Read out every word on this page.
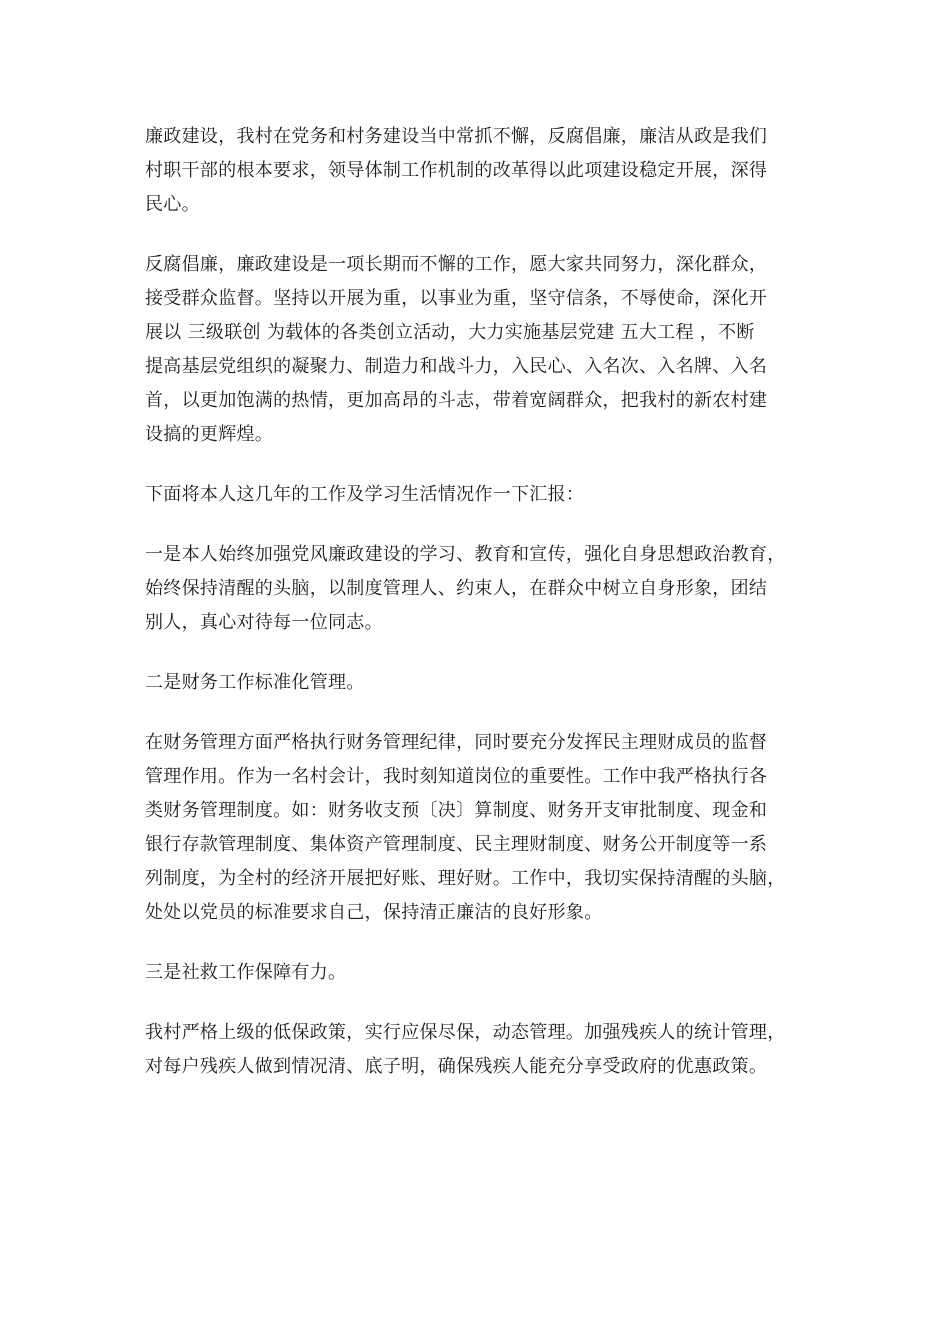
廉政建设，我村在党务和村务建设当中常抓不懈，反腐倡廉，廉洁从政是我们
村职干部的根本要求，领导体制工作机制的改革得以此项建设稳定开展，深得
民心。
反腐倡廉，廉政建设是一项长期而不懈的工作，愿大家共同努力，深化群众，
接受群众监督。坚持以开展为重，以事业为重，坚守信条，不辱使命，深化开
展以 三级联创 为载体的各类创立活动，大力实施基层党建 五大工程 ，不断
提高基层党组织的凝聚力、制造力和战斗力，入民心、入名次、入名牌、入名
首，以更加饱满的热情，更加高昂的斗志，带着宽阔群众，把我村的新农村建
设搞的更辉煌。
下面将本人这几年的工作及学习生活情况作一下汇报：
一是本人始终加强党风廉政建设的学习、教育和宣传，强化自身思想政治教育，
始终保持清醒的头脑，以制度管理人、约束人，在群众中树立自身形象，团结
别人，真心对待每一位同志。
二是财务工作标准化管理。
在财务管理方面严格执行财务管理纪律，同时要充分发挥民主理财成员的监督
管理作用。作为一名村会计，我时刻知道岗位的重要性。工作中我严格执行各
类财务管理制度。如：财务收支预〔决〕算制度、财务开支审批制度、现金和
银行存款管理制度、集体资产管理制度、民主理财制度、财务公开制度等一系
列制度，为全村的经济开展把好账、理好财。工作中，我切实保持清醒的头脑，
处处以党员的标准要求自己，保持清正廉洁的良好形象。
三是社救工作保障有力。
我村严格上级的低保政策，实行应保尽保，动态管理。加强残疾人的统计管理，
对每户残疾人做到情况清、底子明，确保残疾人能充分享受政府的优惠政策。
